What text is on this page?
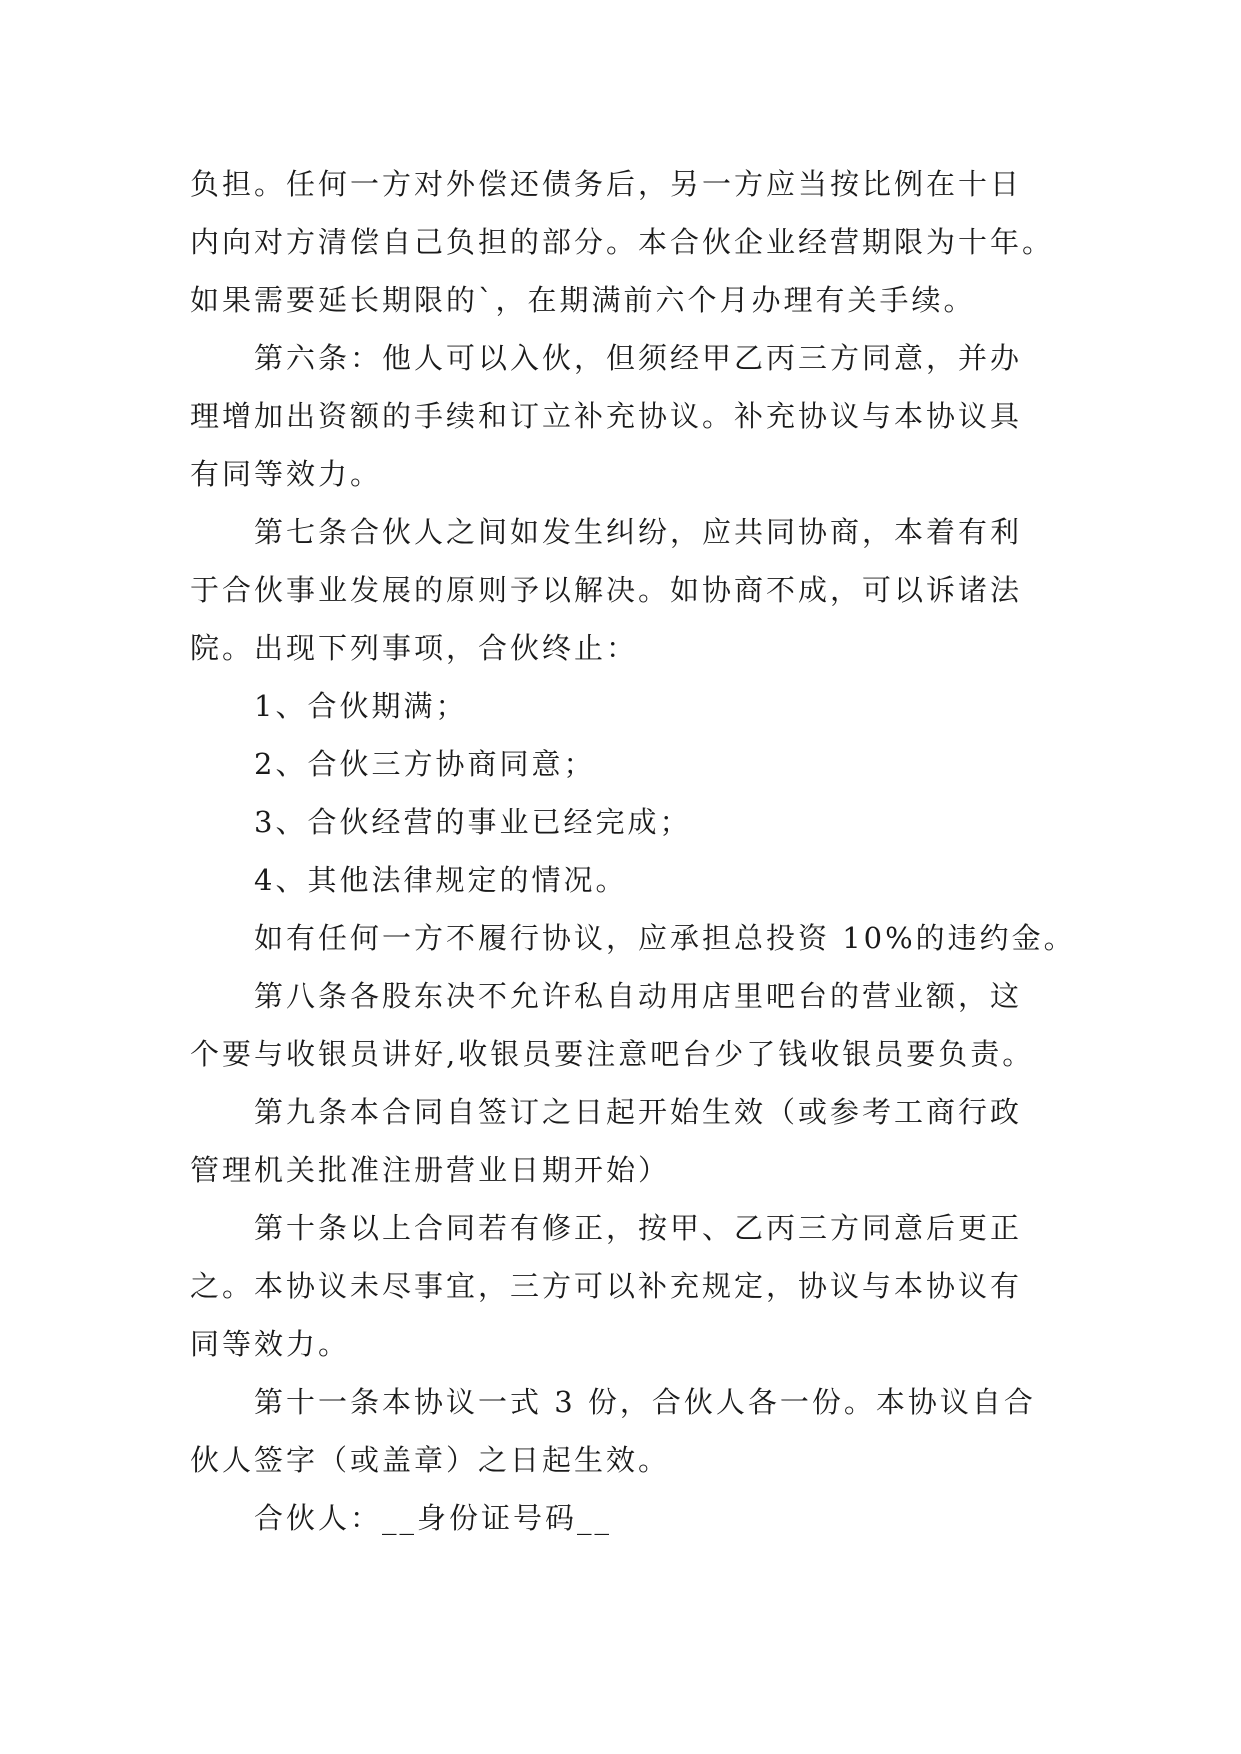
负担。任何一方对外偿还债务后，另一方应当按比例在十日
内向对方清偿自己负担的部分。本合伙企业经营期限为十年。
如果需要延长期限的`，在期满前六个月办理有关手续。
第六条：他人可以入伙，但须经甲乙丙三方同意，并办
理增加出资额的手续和订立补充协议。补充协议与本协议具
有同等效力。
第七条合伙人之间如发生纠纷，应共同协商，本着有利
于合伙事业发展的原则予以解决。如协商不成，可以诉诸法
院。出现下列事项，合伙终止：
1、合伙期满；
2、合伙三方协商同意；
3、合伙经营的事业已经完成；
4、其他法律规定的情况。
如有任何一方不履行协议，应承担总投资 10%的违约金。
第八条各股东决不允许私自动用店里吧台的营业额，这
个要与收银员讲好,收银员要注意吧台少了钱收银员要负责。
第九条本合同自签订之日起开始生效（或参考工商行政
管理机关批准注册营业日期开始）
第十条以上合同若有修正，按甲、乙丙三方同意后更正
之。本协议未尽事宜，三方可以补充规定，协议与本协议有
同等效力。
第十一条本协议一式 3 份，合伙人各一份。本协议自合
伙人签字（或盖章）之日起生效。
合伙人：__身份证号码__
